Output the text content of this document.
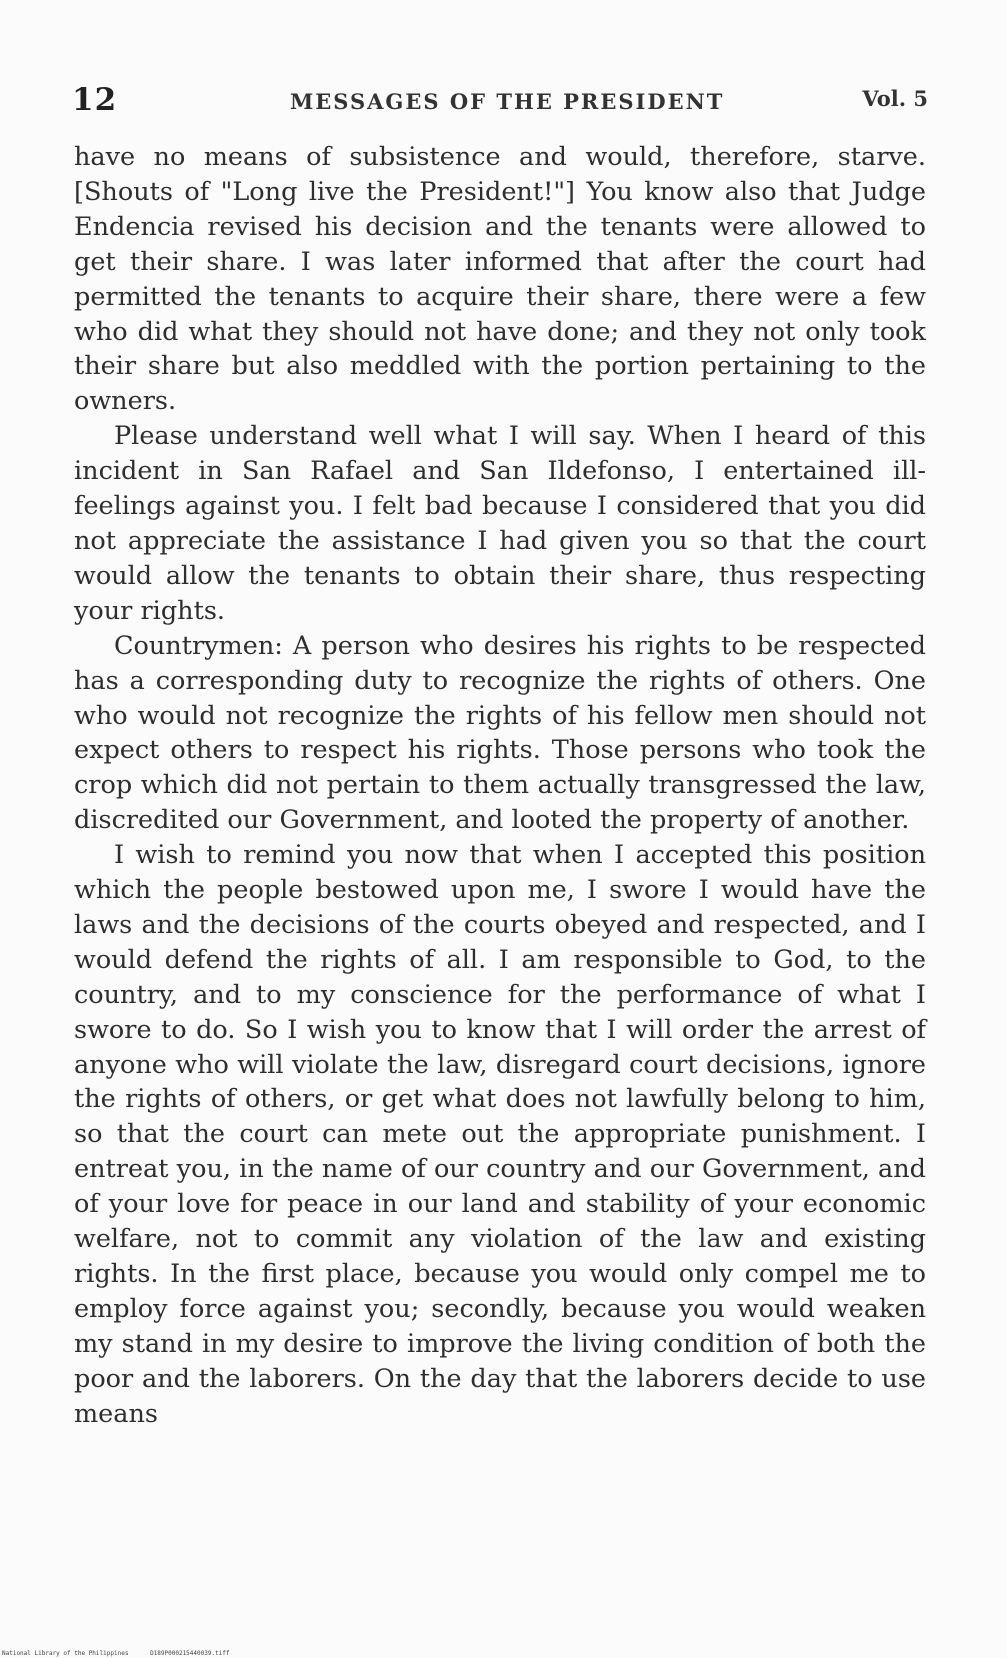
12	MESSAGES OF THE PRESIDENT	Vol. 5

have no means of subsistence and would, therefore, starve. [Shouts of "Long live the President!"] You know also that Judge Endencia revised his decision and the tenants were allowed to get their share. I was later informed that after the court had permitted the tenants to acquire their share, there were a few who did what they should not have done; and they not only took their share but also meddled with the portion pertaining to the owners.

Please understand well what I will say. When I heard of this incident in San Rafael and San Ildefonso, I entertained ill-feelings against you. I felt bad because I considered that you did not appreciate the assistance I had given you so that the court would allow the tenants to obtain their share, thus respecting your rights.

Countrymen: A person who desires his rights to be respected has a corresponding duty to recognize the rights of others. One who would not recognize the rights of his fellow men should not expect others to respect his rights. Those persons who took the crop which did not pertain to them actually transgressed the law, discredited our Government, and looted the property of another.

I wish to remind you now that when I accepted this position which the people bestowed upon me, I swore I would have the laws and the decisions of the courts obeyed and respected, and I would defend the rights of all. I am responsible to God, to the country, and to my conscience for the performance of what I swore to do. So I wish you to know that I will order the arrest of anyone who will violate the law, disregard court decisions, ignore the rights of others, or get what does not lawfully belong to him, so that the court can mete out the appropriate punishment. I entreat you, in the name of our country and our Government, and of your love for peace in our land and stability of your economic welfare, not to commit any violation of the law and existing rights. In the first place, because you would only compel me to employ force against you; secondly, because you would weaken my stand in my desire to improve the living condition of both the poor and the laborers. On the day that the laborers decide to use means

National Library of the Philippines	D189P000215440039.tiff
